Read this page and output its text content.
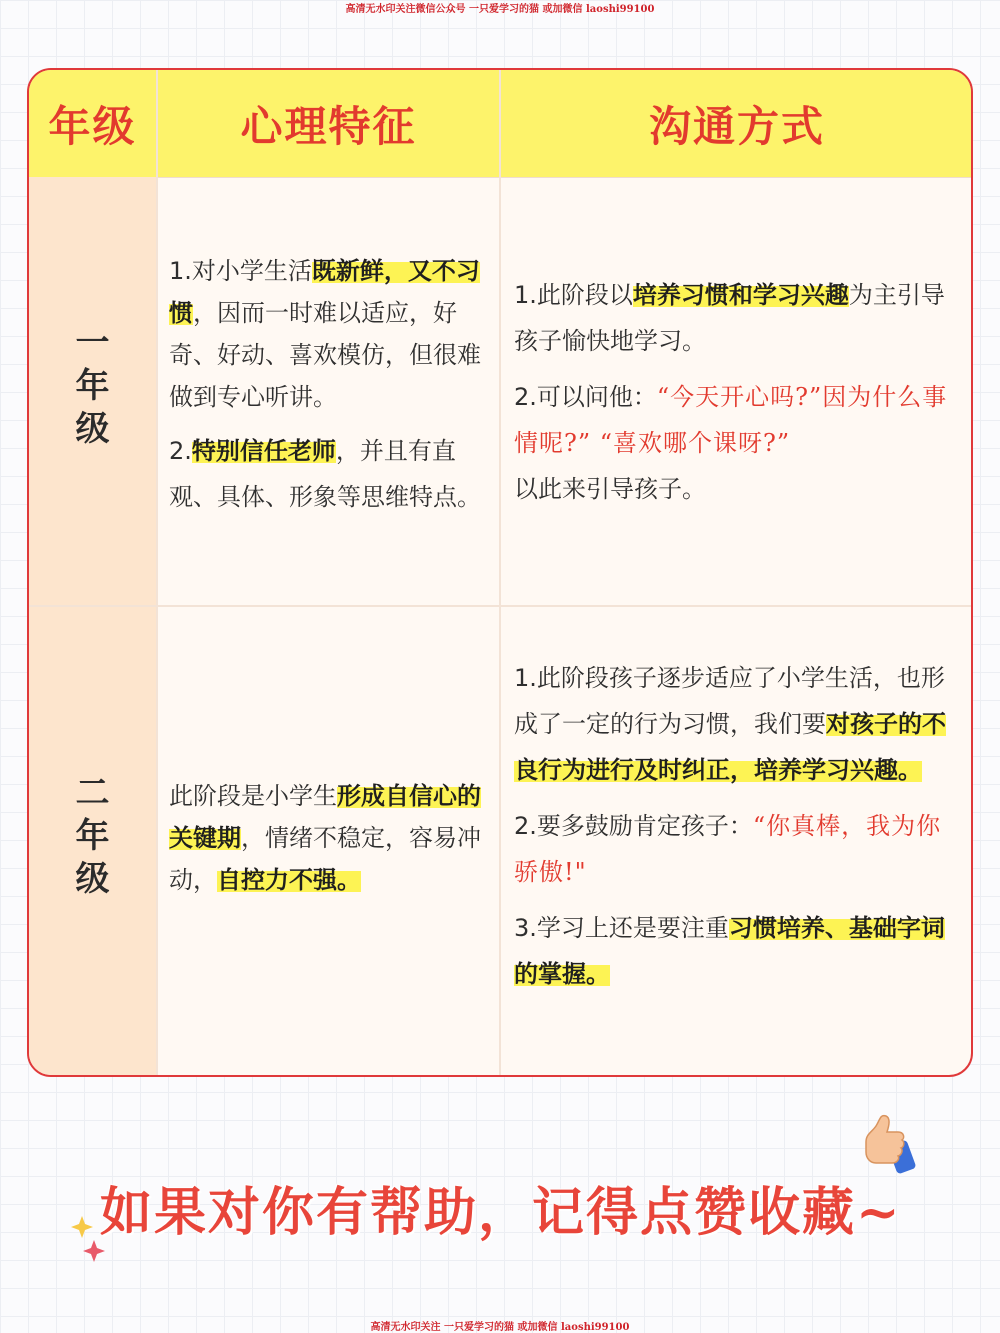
高清无水印关注微信公众号 一只爱学习的猫 或加微信 laoshi99100
年级	心理特征	沟通方式
一
年
级

1.对小学生活既新鲜，又不习惯，因而一时难以适应，好奇、好动、喜欢模仿，但很难做到专心听讲。

2.特别信任老师，并且有直观、具体、形象等思维特点。

1.此阶段以培养习惯和学习兴趣为主引导孩子愉快地学习。

2.可以问他：“今天开心吗?”因为什么事情呢?” “喜欢哪个课呀?”
以此来引导孩子。

二
年
级

此阶段是小学生形成自信心的关键期，情绪不稳定，容易冲动，自控力不强。

1.此阶段孩子逐步适应了小学生活，也形成了一定的行为习惯，我们要对孩子的不良行为进行及时纠正，培养学习兴趣。

2.要多鼓励肯定孩子：“你真棒，我为你骄傲!"

3.学习上还是要注重习惯培养、基础字词的掌握。

如果对你有帮助，记得点赞收藏~
高清无水印关注 一只爱学习的猫 或加微信 laoshi99100
